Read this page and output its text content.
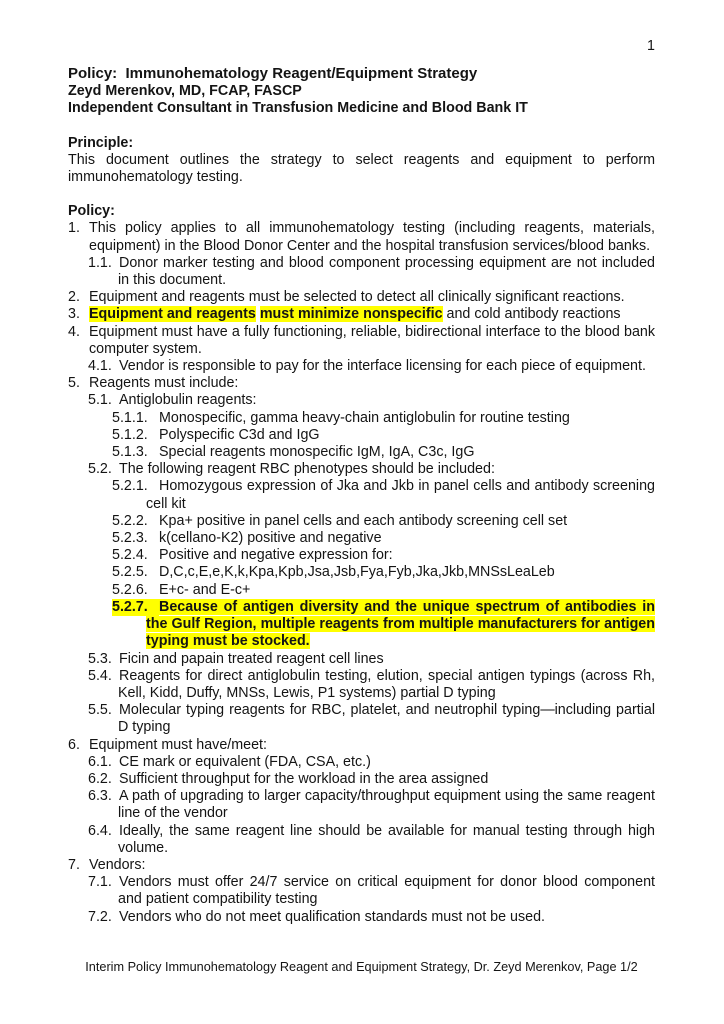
1
Policy:  Immunohematology Reagent/Equipment Strategy
Zeyd Merenkov, MD, FCAP, FASCP
Independent Consultant in Transfusion Medicine and Blood Bank IT
Principle:
This document outlines the strategy to select reagents and equipment to perform immunohematology testing.
Policy:
1. This policy applies to all immunohematology testing (including reagents, materials, equipment) in the Blood Donor Center and the hospital transfusion services/blood banks.
1.1. Donor marker testing and blood component processing equipment are not included in this document.
2. Equipment and reagents must be selected to detect all clinically significant reactions.
3. Equipment and reagents must minimize nonspecific and cold antibody reactions
4. Equipment must have a fully functioning, reliable, bidirectional interface to the blood bank computer system.
4.1. Vendor is responsible to pay for the interface licensing for each piece of equipment.
5. Reagents must include:
5.1. Antiglobulin reagents:
5.1.1. Monospecific, gamma heavy-chain antiglobulin for routine testing
5.1.2. Polyspecific C3d and IgG
5.1.3. Special reagents monospecific IgM, IgA, C3c, IgG
5.2. The following reagent RBC phenotypes should be included:
5.2.1. Homozygous expression of Jka and Jkb in panel cells and antibody screening cell kit
5.2.2. Kpa+ positive in panel cells and each antibody screening cell set
5.2.3. k(cellano-K2) positive and negative
5.2.4. Positive and negative expression for:
5.2.5. D,C,c,E,e,K,k,Kpa,Kpb,Jsa,Jsb,Fya,Fyb,Jka,Jkb,MNSsLeaLeb
5.2.6. E+c- and E-c+
5.2.7. Because of antigen diversity and the unique spectrum of antibodies in the Gulf Region, multiple reagents from multiple manufacturers for antigen typing must be stocked.
5.3. Ficin and papain treated reagent cell lines
5.4. Reagents for direct antiglobulin testing, elution, special antigen typings (across Rh, Kell, Kidd, Duffy, MNSs, Lewis, P1 systems) partial D typing
5.5. Molecular typing reagents for RBC, platelet, and neutrophil typing—including partial D typing
6. Equipment must have/meet:
6.1. CE mark or equivalent (FDA, CSA, etc.)
6.2. Sufficient throughput for the workload in the area assigned
6.3. A path of upgrading to larger capacity/throughput equipment using the same reagent line of the vendor
6.4. Ideally, the same reagent line should be available for manual testing through high volume.
7. Vendors:
7.1. Vendors must offer 24/7 service on critical equipment for donor blood component and patient compatibility testing
7.2. Vendors who do not meet qualification standards must not be used.
Interim Policy Immunohematology Reagent and Equipment Strategy, Dr. Zeyd Merenkov, Page 1/2
